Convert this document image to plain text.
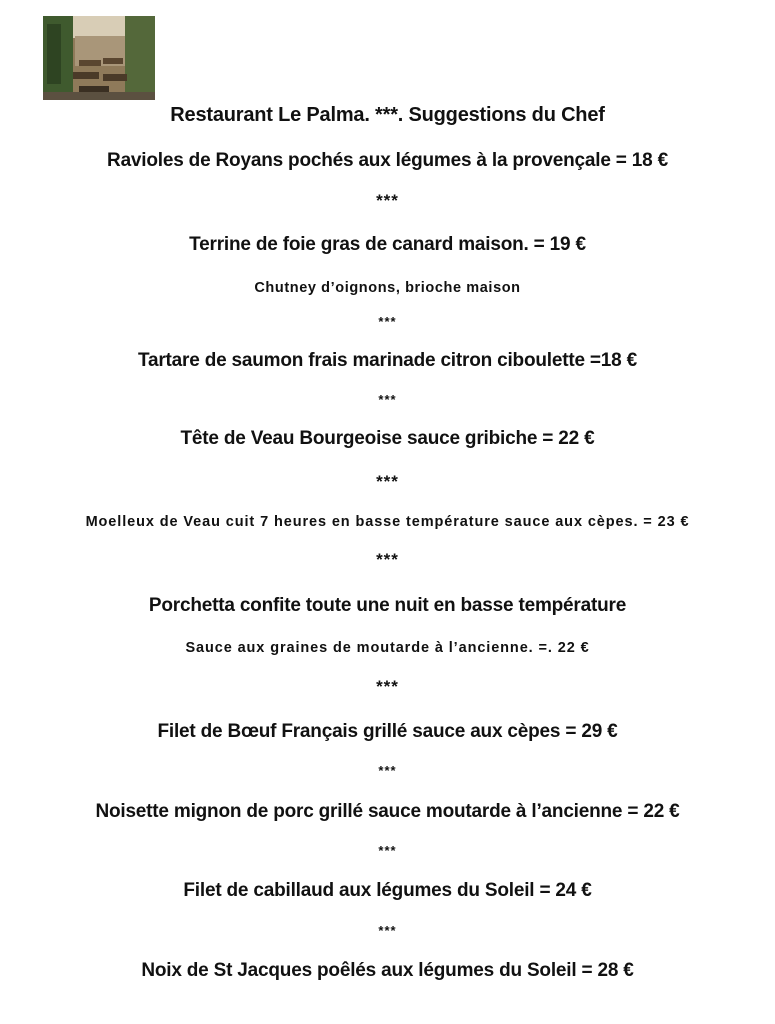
Restaurant Le Palma. ***. Suggestions du Chef
Ravioles de Royans pochés aux légumes à la provençale = 18 €
***
Terrine de foie gras de canard maison. = 19 €
Chutney d’oignons, brioche maison
***
Tartare de saumon frais marinade citron ciboulette =18 €
***
Tête de Veau Bourgeoise sauce gribiche = 22 €
***
Moelleux de Veau cuit 7 heures en basse température sauce aux cèpes. = 23 €
***
Porchetta confite toute une nuit en basse température
Sauce aux graines de moutarde à l’ancienne. =. 22 €
***
Filet de Bœuf Français grillé sauce aux cèpes = 29 €
***
Noisette mignon de porc grillé sauce moutarde à l’ancienne = 22 €
***
Filet de cabillaud aux légumes du Soleil = 24 €
***
Noix de St Jacques poêlés aux légumes du Soleil = 28 €
